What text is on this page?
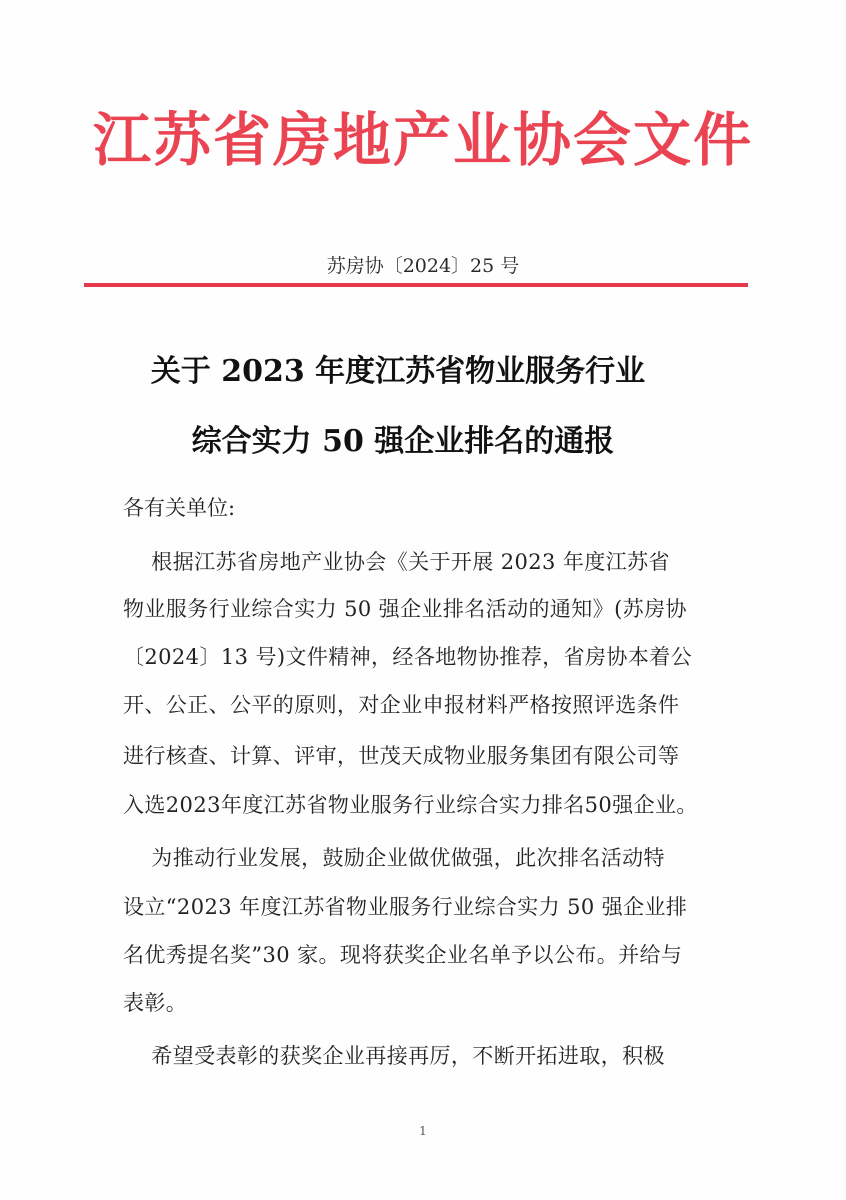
江苏省房地产业协会文件
苏房协〔2024〕25 号
关于 2023 年度江苏省物业服务行业
综合实力 50 强企业排名的通报
各有关单位:
根据江苏省房地产业协会《关于开展 2023 年度江苏省
物业服务行业综合实力 50 强企业排名活动的通知》(苏房协
〔2024〕13 号)文件精神，经各地物协推荐，省房协本着公
开、公正、公平的原则，对企业申报材料严格按照评选条件
进行核查、计算、评审，世茂天成物业服务集团有限公司等
入选2023年度江苏省物业服务行业综合实力排名50强企业。
为推动行业发展，鼓励企业做优做强，此次排名活动特
设立“2023 年度江苏省物业服务行业综合实力 50 强企业排
名优秀提名奖”30 家。现将获奖企业名单予以公布。并给与
表彰。
希望受表彰的获奖企业再接再厉，不断开拓进取，积极
1
